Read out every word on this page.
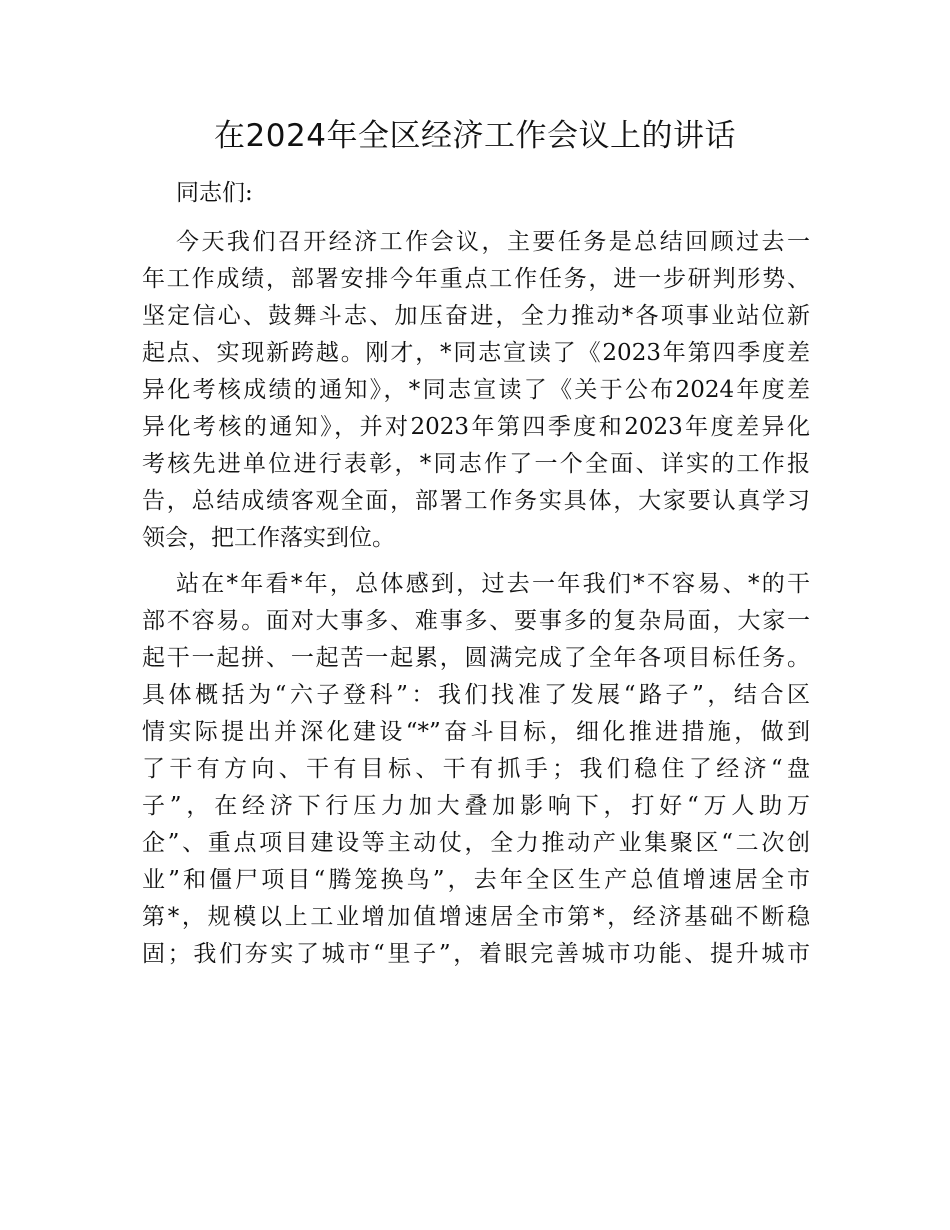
在2024年全区经济工作会议上的讲话
同志们:
今天我们召开经济工作会议，主要任务是总结回顾过去一
年工作成绩，部署安排今年重点工作任务，进一步研判形势、
坚定信心、鼓舞斗志、加压奋进，全力推动*各项事业站位新
起点、实现新跨越。刚才，*同志宣读了《2023年第四季度差
异化考核成绩的通知》，*同志宣读了《关于公布2024年度差
异化考核的通知》，并对2023年第四季度和2023年度差异化
考核先进单位进行表彰，*同志作了一个全面、详实的工作报
告，总结成绩客观全面，部署工作务实具体，大家要认真学习
领会，把工作落实到位。
站在*年看*年，总体感到，过去一年我们*不容易、*的干
部不容易。面对大事多、难事多、要事多的复杂局面，大家一
起干一起拼、一起苦一起累，圆满完成了全年各项目标任务。
具体概括为“六子登科”：我们找准了发展“路子”，结合区
情实际提出并深化建设“*”奋斗目标，细化推进措施，做到
了干有方向、干有目标、干有抓手；我们稳住了经济“盘
子”，在经济下行压力加大叠加影响下，打好“万人助万
企”、重点项目建设等主动仗，全力推动产业集聚区“二次创
业”和僵尸项目“腾笼换鸟”，去年全区生产总值增速居全市
第*，规模以上工业增加值增速居全市第*，经济基础不断稳
固；我们夯实了城市“里子”，着眼完善城市功能、提升城市
